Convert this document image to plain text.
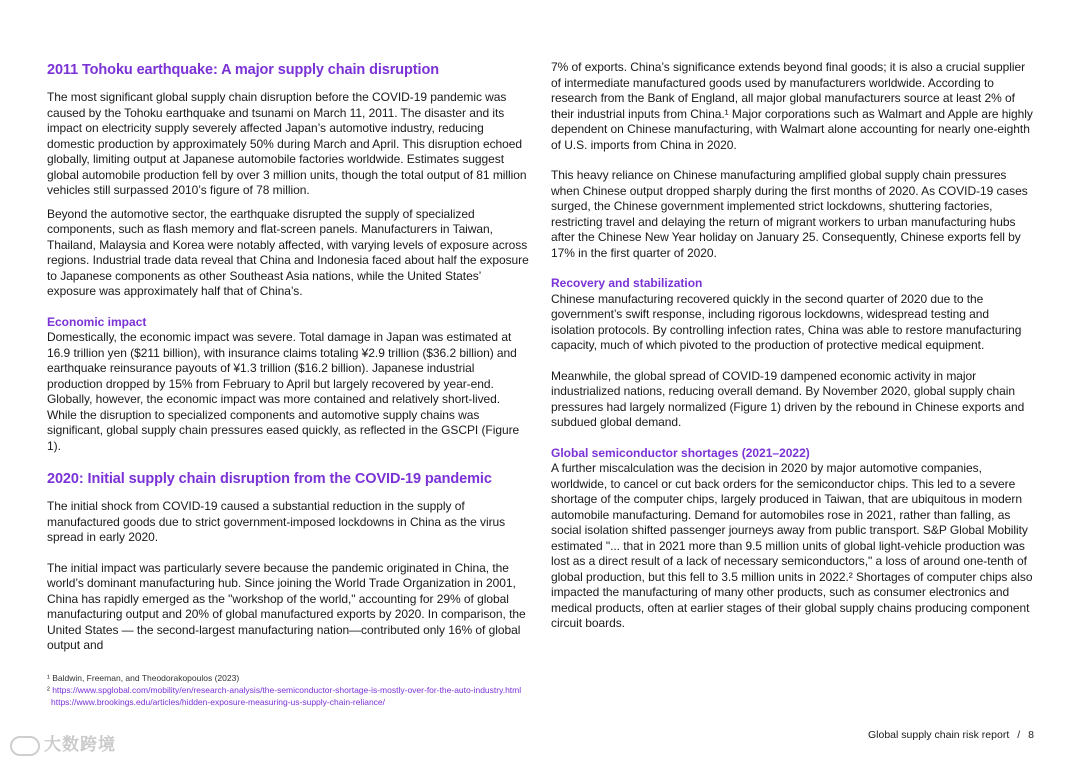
2011 Tohoku earthquake: A major supply chain disruption

The most significant global supply chain disruption before the COVID-19 pandemic was caused by the Tohoku earthquake and tsunami on March 11, 2011. The disaster and its impact on electricity supply severely affected Japan’s automotive industry, reducing domestic production by approximately 50% during March and April. This disruption echoed globally, limiting output at Japanese automobile factories worldwide. Estimates suggest global automobile production fell by over 3 million units, though the total output of 81 million vehicles still surpassed 2010’s figure of 78 million.

Beyond the automotive sector, the earthquake disrupted the supply of specialized components, such as flash memory and flat-screen panels. Manufacturers in Taiwan, Thailand, Malaysia and Korea were notably affected, with varying levels of exposure across regions. Industrial trade data reveal that China and Indonesia faced about half the exposure to Japanese components as other Southeast Asia nations, while the United States’ exposure was approximately half that of China’s.

Economic impact

Domestically, the economic impact was severe. Total damage in Japan was estimated at 16.9 trillion yen ($211 billion), with insurance claims totaling ¥2.9 trillion ($36.2 billion) and earthquake reinsurance payouts of ¥1.3 trillion ($16.2 billion). Japanese industrial production dropped by 15% from February to April but largely recovered by year-end. Globally, however, the economic impact was more contained and relatively short-lived. While the disruption to specialized components and automotive supply chains was significant, global supply chain pressures eased quickly, as reflected in the GSCPI (Figure 1).

2020: Initial supply chain disruption from the COVID-19 pandemic

The initial shock from COVID-19 caused a substantial reduction in the supply of manufactured goods due to strict government-imposed lockdowns in China as the virus spread in early 2020.

The initial impact was particularly severe because the pandemic originated in China, the world’s dominant manufacturing hub. Since joining the World Trade Organization in 2001, China has rapidly emerged as the "workshop of the world," accounting for 29% of global manufacturing output and 20% of global manufactured exports by 2020. In comparison, the United States — the second-largest manufacturing nation—contributed only 16% of global output and

7% of exports. China’s significance extends beyond final goods; it is also a crucial supplier of intermediate manufactured goods used by manufacturers worldwide. According to research from the Bank of England, all major global manufacturers source at least 2% of their industrial inputs from China.¹ Major corporations such as Walmart and Apple are highly dependent on Chinese manufacturing, with Walmart alone accounting for nearly one-eighth of U.S. imports from China in 2020.

This heavy reliance on Chinese manufacturing amplified global supply chain pressures when Chinese output dropped sharply during the first months of 2020. As COVID-19 cases surged, the Chinese government implemented strict lockdowns, shuttering factories, restricting travel and delaying the return of migrant workers to urban manufacturing hubs after the Chinese New Year holiday on January 25. Consequently, Chinese exports fell by 17% in the first quarter of 2020.

Recovery and stabilization

Chinese manufacturing recovered quickly in the second quarter of 2020 due to the government’s swift response, including rigorous lockdowns, widespread testing and isolation protocols. By controlling infection rates, China was able to restore manufacturing capacity, much of which pivoted to the production of protective medical equipment.

Meanwhile, the global spread of COVID-19 dampened economic activity in major industrialized nations, reducing overall demand. By November 2020, global supply chain pressures had largely normalized (Figure 1) driven by the rebound in Chinese exports and subdued global demand.

Global semiconductor shortages (2021–2022)

A further miscalculation was the decision in 2020 by major automotive companies, worldwide, to cancel or cut back orders for the semiconductor chips. This led to a severe shortage of the computer chips, largely produced in Taiwan, that are ubiquitous in modern automobile manufacturing. Demand for automobiles rose in 2021, rather than falling, as social isolation shifted passenger journeys away from public transport. S&P Global Mobility estimated "... that in 2021 more than 9.5 million units of global light-vehicle production was lost as a direct result of a lack of necessary semiconductors," a loss of around one-tenth of global production, but this fell to 3.5 million units in 2022.² Shortages of computer chips also impacted the manufacturing of many other products, such as consumer electronics and medical products, often at earlier stages of their global supply chains producing component circuit boards.

¹ Baldwin, Freeman, and Theodorakopoulos (2023)
² https://www.spglobal.com/mobility/en/research-analysis/the-semiconductor-shortage-is-mostly-over-for-the-auto-industry.html
https://www.brookings.edu/articles/hidden-exposure-measuring-us-supply-chain-reliance/
大数跨境	Global supply chain risk report / 8
